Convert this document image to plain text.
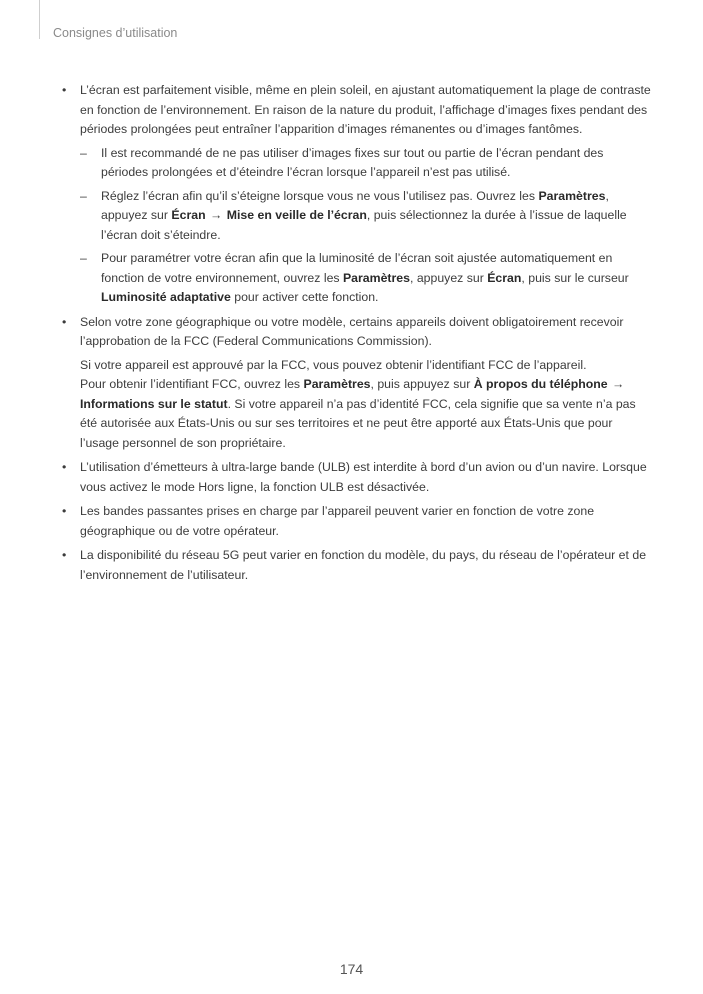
Consignes d’utilisation
• L’écran est parfaitement visible, même en plein soleil, en ajustant automatiquement la plage de contraste en fonction de l’environnement. En raison de la nature du produit, l’affichage d’images fixes pendant des périodes prolongées peut entraîner l’apparition d’images rémanentes ou d’images fantômes.
– Il est recommandé de ne pas utiliser d’images fixes sur tout ou partie de l’écran pendant des périodes prolongées et d’éteindre l’écran lorsque l’appareil n’est pas utilisé.
– Réglez l’écran afin qu’il s’éteigne lorsque vous ne vous l’utilisez pas. Ouvrez les Paramètres, appuyez sur Écran → Mise en veille de l’écran, puis sélectionnez la durée à l’issue de laquelle l’écran doit s’éteindre.
– Pour paramétrer votre écran afin que la luminosité de l’écran soit ajustée automatiquement en fonction de votre environnement, ouvrez les Paramètres, appuyez sur Écran, puis sur le curseur Luminosité adaptative pour activer cette fonction.
• Selon votre zone géographique ou votre modèle, certains appareils doivent obligatoirement recevoir l’approbation de la FCC (Federal Communications Commission).
Si votre appareil est approuvé par la FCC, vous pouvez obtenir l’identifiant FCC de l’appareil.
Pour obtenir l’identifiant FCC, ouvrez les Paramètres, puis appuyez sur À propos du téléphone →
Informations sur le statut. Si votre appareil n’a pas d’identité FCC, cela signifie que sa vente n’a pas été autorisée aux États-Unis ou sur ses territoires et ne peut être apporté aux États-Unis que pour l’usage personnel de son propriétaire.
• L’utilisation d’émetteurs à ultra-large bande (ULB) est interdite à bord d’un avion ou d’un navire. Lorsque vous activez le mode Hors ligne, la fonction ULB est désactivée.
• Les bandes passantes prises en charge par l’appareil peuvent varier en fonction de votre zone géographique ou de votre opérateur.
• La disponibilité du réseau 5G peut varier en fonction du modèle, du pays, du réseau de l’opérateur et de l’environnement de l’utilisateur.
174
